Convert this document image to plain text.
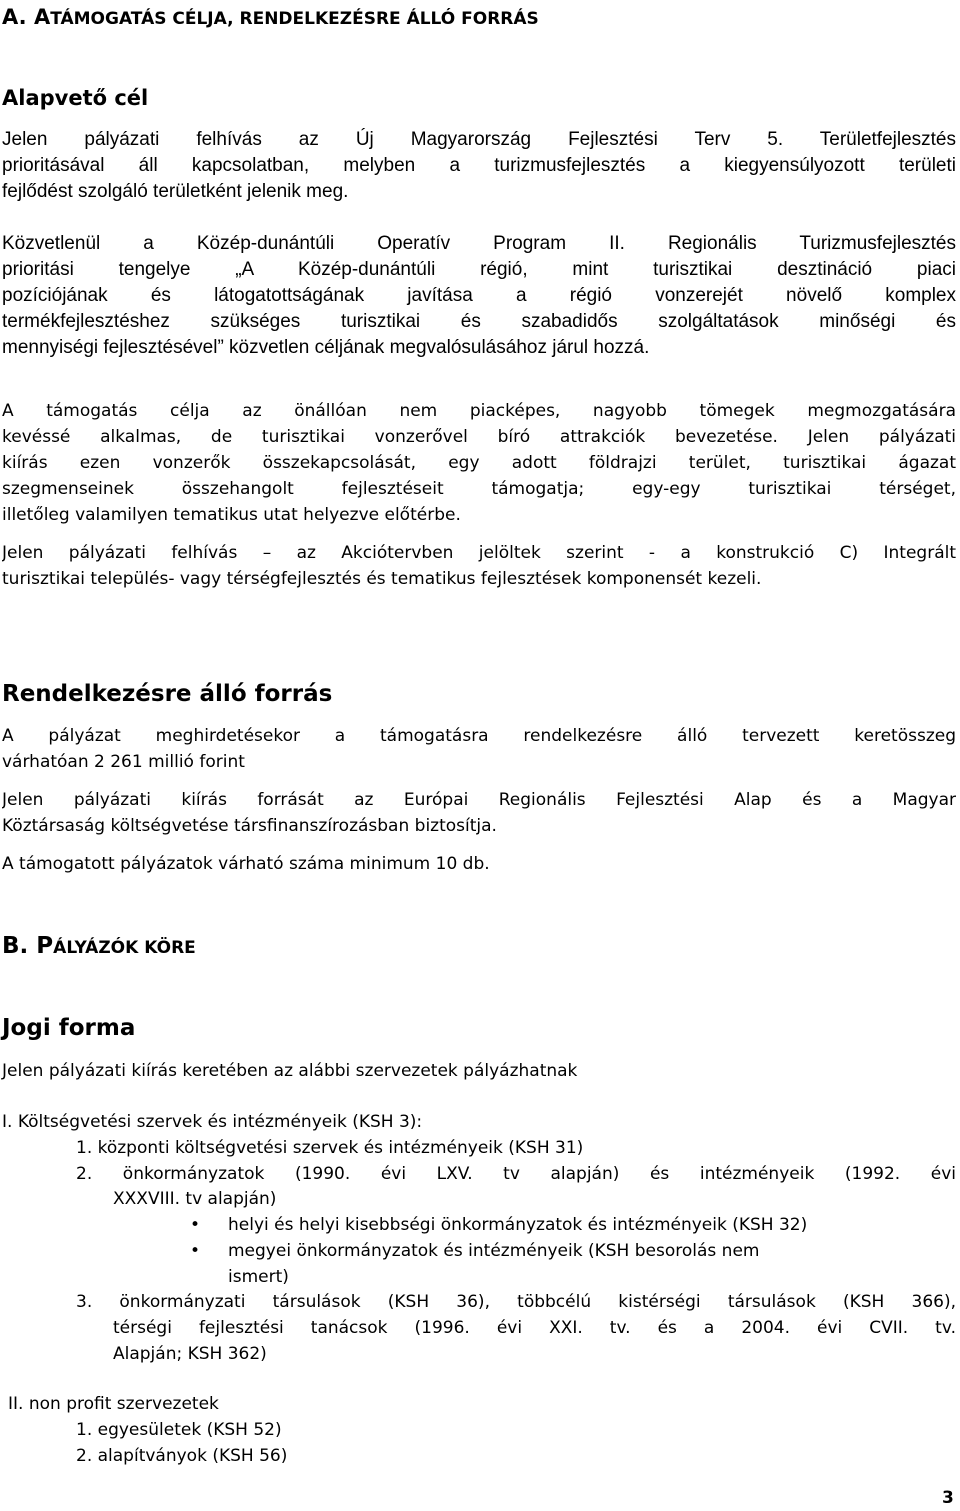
A. ATÁMOGATÁS CÉLJA, RENDELKEZÉSRE ÁLLÓ FORRÁS
Alapvető cél
Jelen pályázati felhívás az Új Magyarország Fejlesztési Terv 5. Területfejlesztés
prioritásával áll kapcsolatban, melyben a turizmusfejlesztés a kiegyensúlyozott területi
fejlődést szolgáló területként jelenik meg.
Közvetlenül a Közép-dunántúli Operatív Program II. Regionális Turizmusfejlesztés
prioritási tengelye „A Közép-dunántúli régió, mint turisztikai desztináció piaci
pozíciójának és látogatottságának javítása a régió vonzerejét növelő komplex
termékfejlesztéshez szükséges turisztikai és szabadidős szolgáltatások minőségi és
mennyiségi fejlesztésével” közvetlen céljának megvalósulásához járul hozzá.
A támogatás célja az önállóan nem piacképes, nagyobb tömegek megmozgatására
kevéssé alkalmas, de turisztikai vonzerővel bíró attrakciók bevezetése. Jelen pályázati
kiírás ezen vonzerők összekapcsolását, egy adott földrajzi terület, turisztikai ágazat
szegmenseinek összehangolt fejlesztéseit támogatja; egy-egy turisztikai térséget,
illetőleg valamilyen tematikus utat helyezve előtérbe.
Jelen pályázati felhívás – az Akciótervben jelöltek szerint - a konstrukció C) Integrált
turisztikai település- vagy térségfejlesztés és tematikus fejlesztések komponensét kezeli.
Rendelkezésre álló forrás
A pályázat meghirdetésekor a támogatásra rendelkezésre álló tervezett keretösszeg
várhatóan 2 261 millió forint
Jelen pályázati kiírás forrását az Európai Regionális Fejlesztési Alap és a Magyar
Köztársaság költségvetése társfinanszírozásban biztosítja.
A támogatott pályázatok várható száma minimum 10 db.
B. PÁLYÁZÓK KÖRE
Jogi forma
Jelen pályázati kiírás keretében az alábbi szervezetek pályázhatnak
I. Költségvetési szervek és intézményeik (KSH 3):
1. központi költségvetési szervek és intézményeik (KSH 31)
2. önkormányzatok (1990. évi LXV. tv alapján) és intézményeik (1992. évi
XXXVIII. tv alapján)
• helyi és helyi kisebbségi önkormányzatok és intézményeik (KSH 32)
• megyei önkormányzatok és intézményeik (KSH besorolás nem
ismert)
3. önkormányzati társulások (KSH 36), többcélú kistérségi társulások (KSH 366),
térségi fejlesztési tanácsok (1996. évi XXI. tv. és a 2004. évi CVII. tv.
Alapján; KSH 362)
II. non profit szervezetek
1. egyesületek (KSH 52)
2. alapítványok (KSH 56)
3
